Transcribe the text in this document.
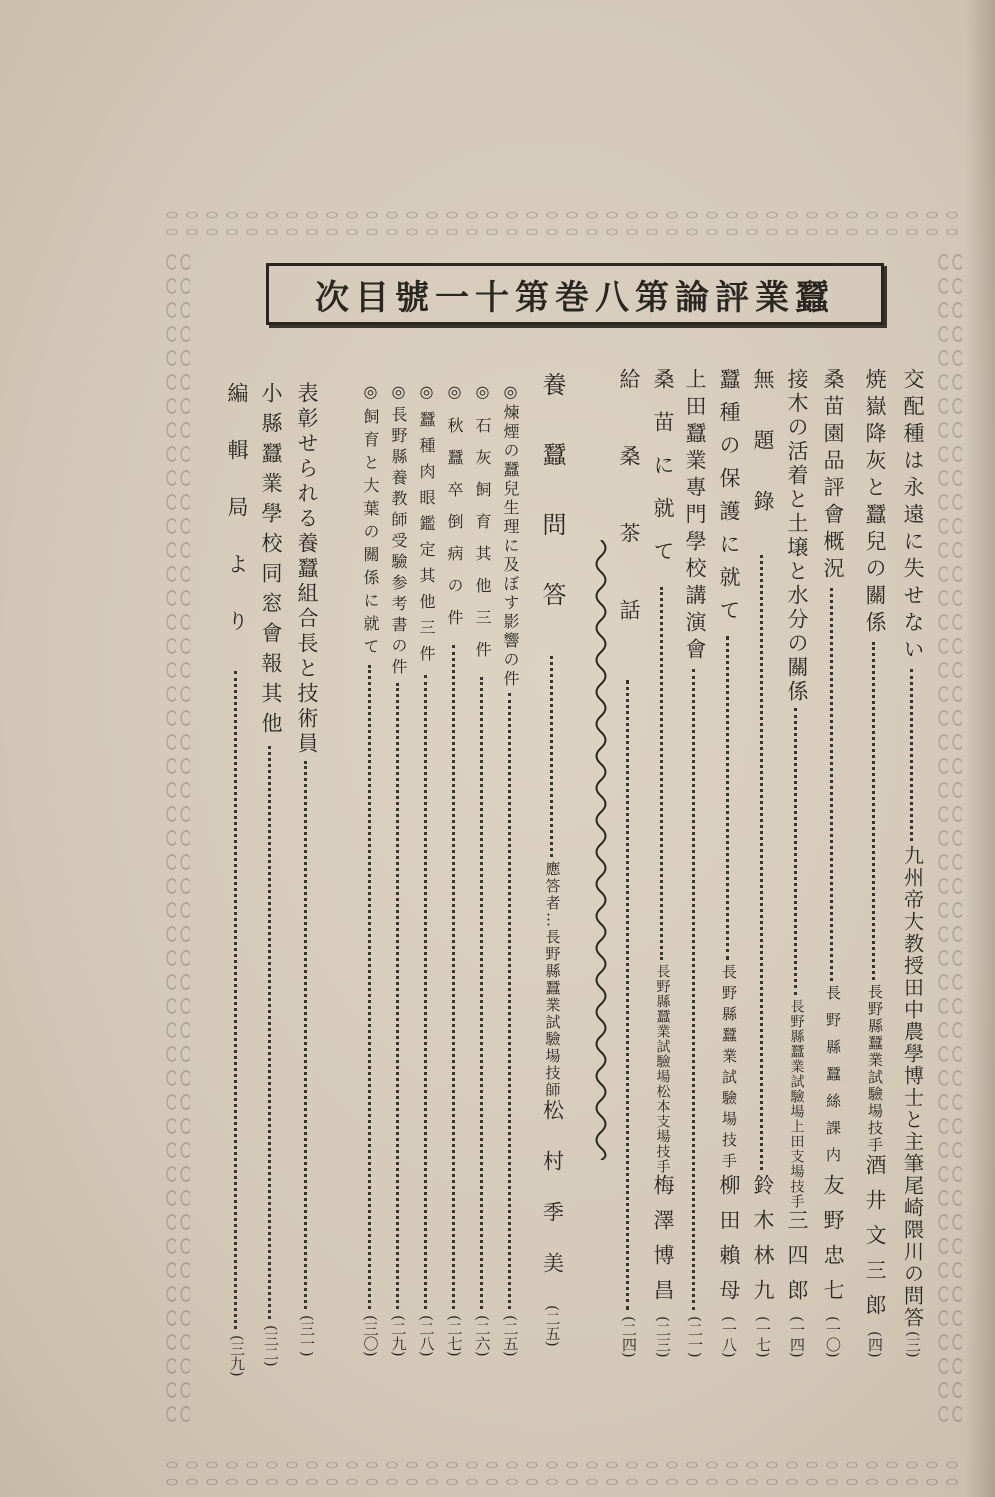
蠶業評論第八巻第十一號目次
交配種は永遠に失せない
九州帝大教授田中農學博士と主筆尾崎隈川の問答
(三)
焼嶽降灰と蠶兒の關係
長野縣蠶業試驗場技手
酒井文三郎
(四)
桑苗園品評會概況
長野縣蠶絲課内
友野忠七
(一〇)
接木の活着と土壌と水分の關係
長野縣蠶業試驗場上田支場技手
三四郎
(一四)
無題錄
鈴木林九
(一七)
蠶種の保護に就て
長野縣蠶業試驗場技手
柳田賴母
(一八)
上田蠶業專門學校講演會
(二一)
桑苗に就て
長野縣蠶業試驗場松本支場技手
梅澤博昌
(二三)
給桑茶話
(二四)
養蠶問答
應答者…長野縣蠶業試驗場技師
松村季美
(二五)
◎煉煙の蠶兒生理に及ぼす影響の件
(二五)
◎石灰飼育其他三件
(二六)
◎秋蠶卒倒病の件
(二七)
◎蠶種肉眼鑑定其他三件
(二八)
◎長野縣養教師受驗参考書の件
(二九)
◎飼育と大葉の關係に就て
(三〇)
表彰せられる養蠶組合長と技術員
(三一)
小縣蠶業學校同窓會報其他
(三二)
編輯局より
(三九)
